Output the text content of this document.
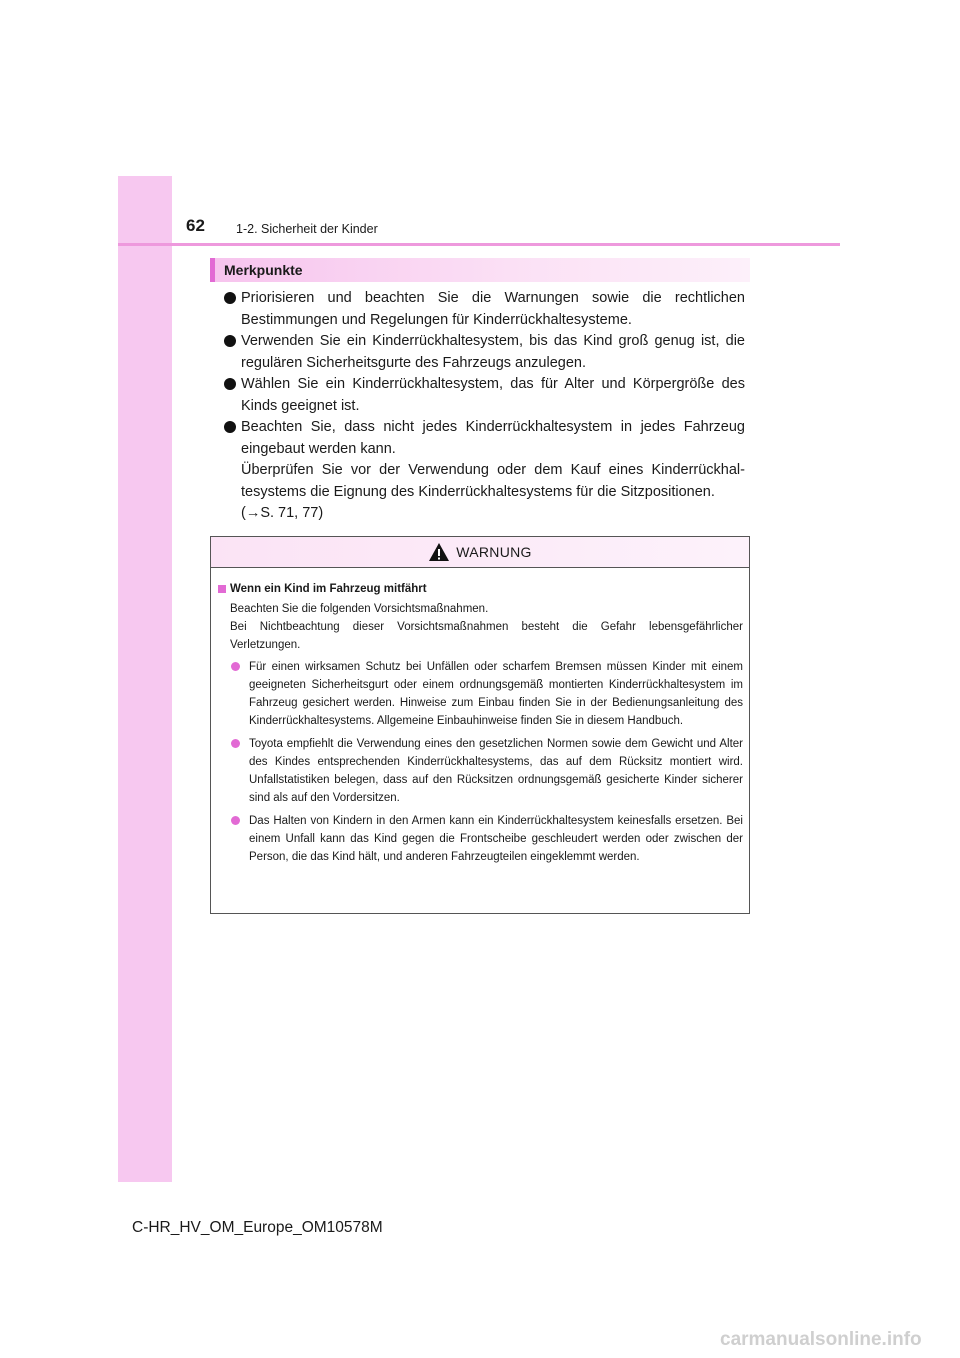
62 1-2. Sicherheit der Kinder
Merkpunkte

Priorisieren und beachten Sie die Warnungen sowie die rechtlichen Bestimmungen und Regelungen für Kinderrückhaltesysteme.

Verwenden Sie ein Kinderrückhaltesystem, bis das Kind groß genug ist, die regulären Sicherheitsgurte des Fahrzeugs anzulegen.

Wählen Sie ein Kinderrückhaltesystem, das für Alter und Körpergröße des Kinds geeignet ist.

Beachten Sie, dass nicht jedes Kinderrückhaltesystem in jedes Fahrzeug eingebaut werden kann.

Überprüfen Sie vor der Verwendung oder dem Kauf eines Kinderrückhaltesystems die Eignung des Kinderrückhaltesystems für die Sitzpositionen.

(→S. 71, 77)

WARNUNG
Wenn ein Kind im Fahrzeug mitfährt

Beachten Sie die folgenden Vorsichtsmaßnahmen.
Bei Nichtbeachtung dieser Vorsichtsmaßnahmen besteht die Gefahr lebensgefährlicher Verletzungen.

Für einen wirksamen Schutz bei Unfällen oder scharfem Bremsen müssen Kinder mit einem geeigneten Sicherheitsgurt oder einem ordnungsgemäß montierten Kinderrückhaltesystem im Fahrzeug gesichert werden. Hinweise zum Einbau finden Sie in der Bedienungsanleitung des Kinderrückhaltesystems. Allgemeine Einbauhinweise finden Sie in diesem Handbuch.
Toyota empfiehlt die Verwendung eines den gesetzlichen Normen sowie dem Gewicht und Alter des Kindes entsprechenden Kinderrückhaltesystems, das auf dem Rücksitz montiert wird. Unfallstatistiken belegen, dass auf den Rücksitzen ordnungsgemäß gesicherte Kinder sicherer sind als auf den Vordersitzen.
Das Halten von Kindern in den Armen kann ein Kinderrückhaltesystem keinesfalls ersetzen. Bei einem Unfall kann das Kind gegen die Frontscheibe geschleudert werden oder zwischen der Person, die das Kind hält, und anderen Fahrzeugteilen eingeklemmt werden.
C-HR_HV_OM_Europe_OM10578M
carmanualsonline.info
